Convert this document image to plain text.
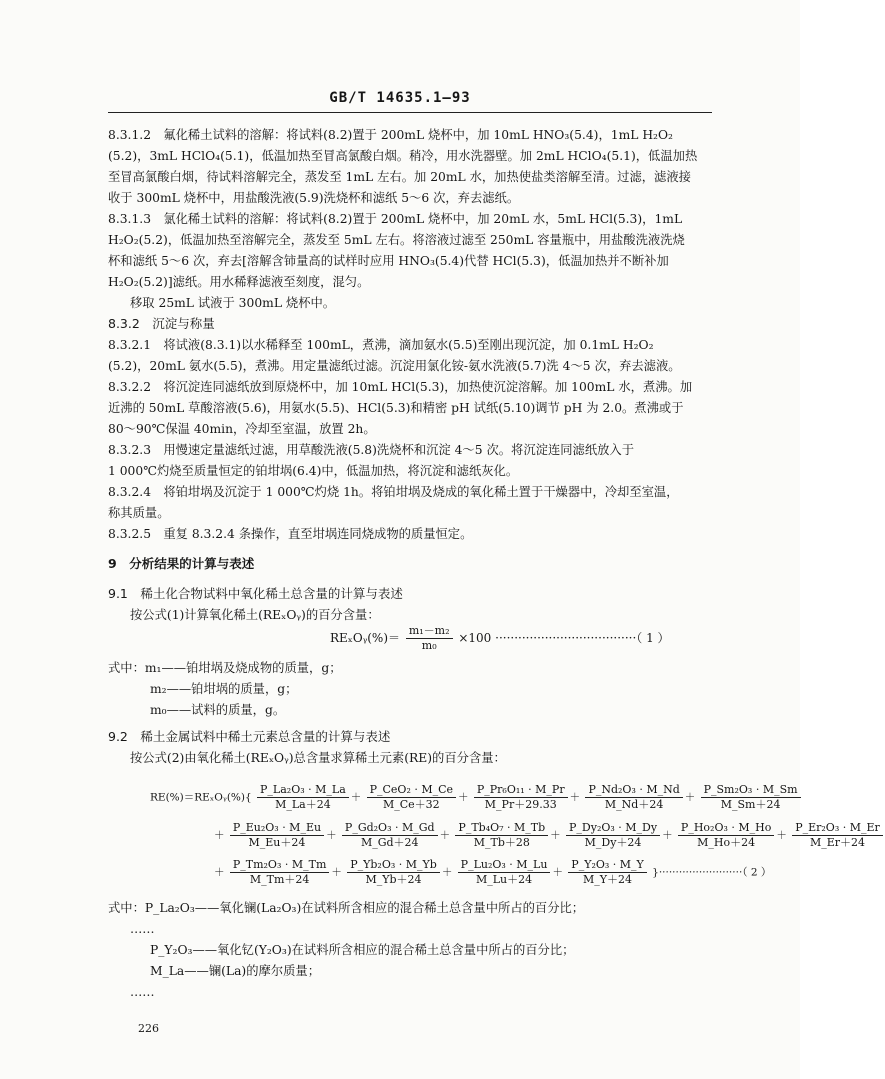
GB/T 14635.1—93
8.3.1.2　氟化稀土试料的溶解：将试料(8.2)置于 200mL 烧杯中，加 10mL HNO₃(5.4)，1mL H₂O₂
(5.2)，3mL HClO₄(5.1)，低温加热至冒高氯酸白烟。稍冷，用水洗器壁。加 2mL HClO₄(5.1)，低温加热
至冒高氯酸白烟，待试料溶解完全，蒸发至 1mL 左右。加 20mL 水，加热使盐类溶解至清。过滤，滤液接
收于 300mL 烧杯中，用盐酸洗液(5.9)洗烧杯和滤纸 5～6 次，弃去滤纸。
8.3.1.3　氯化稀土试料的溶解：将试料(8.2)置于 200mL 烧杯中，加 20mL 水，5mL HCl(5.3)，1mL
H₂O₂(5.2)，低温加热至溶解完全，蒸发至 5mL 左右。将溶液过滤至 250mL 容量瓶中，用盐酸洗液洗烧
杯和滤纸 5～6 次，弃去[溶解含铈量高的试样时应用 HNO₃(5.4)代替 HCl(5.3)，低温加热并不断补加
H₂O₂(5.2)]滤纸。用水稀释滤液至刻度，混匀。
移取 25mL 试液于 300mL 烧杯中。
8.3.2　沉淀与称量
8.3.2.1　将试液(8.3.1)以水稀释至 100mL，煮沸，滴加氨水(5.5)至刚出现沉淀，加 0.1mL H₂O₂
(5.2)，20mL 氨水(5.5)，煮沸。用定量滤纸过滤。沉淀用氯化铵-氨水洗液(5.7)洗 4～5 次，弃去滤液。
8.3.2.2　将沉淀连同滤纸放到原烧杯中，加 10mL HCl(5.3)，加热使沉淀溶解。加 100mL 水，煮沸。加
近沸的 50mL 草酸溶液(5.6)，用氨水(5.5)、HCl(5.3)和精密 pH 试纸(5.10)调节 pH 为 2.0。煮沸或于
80～90℃保温 40min，冷却至室温，放置 2h。
8.3.2.3　用慢速定量滤纸过滤，用草酸洗液(5.8)洗烧杯和沉淀 4～5 次。将沉淀连同滤纸放入于
1 000℃灼烧至质量恒定的铂坩埚(6.4)中，低温加热，将沉淀和滤纸灰化。
8.3.2.4　将铂坩埚及沉淀于 1 000℃灼烧 1h。将铂坩埚及烧成的氧化稀土置于干燥器中，冷却至室温，
称其质量。
8.3.2.5　重复 8.3.2.4 条操作，直至坩埚连同烧成物的质量恒定。
9　分析结果的计算与表述
9.1　稀土化合物试料中氧化稀土总含量的计算与表述
按公式(1)计算氧化稀土(REₓOᵧ)的百分含量：
REₓOᵧ(%)＝ $\frac{\text{m₁－m₂}}{\text{m₀}} \times 100$ ·····································（ 1 ）
式中：m₁——铂坩埚及烧成物的质量，g；
m₂——铂坩埚的质量，g；
m₀——试料的质量，g。
9.2　稀土金属试料中稀土元素总含量的计算与表述
按公式(2)由氧化稀土(REₓOᵧ)总含量求算稀土元素(RE)的百分含量：
RE(%)＝REₓOᵧ(%){ $\frac{\text{P\_La₂O₃ · M\_La}}{M\_La+24} + \frac{\text{P\_CeO₂ · M\_Ce}}{M\_Ce+32} + \frac{\text{P\_Pr₆O₁₁ · M\_Pr}}{M\_Pr+29.33} + \frac{\text{P\_Nd₂O₃ · M\_Nd}}{M\_Nd+24} + \frac{\text{P\_Sm₂O₃ · M\_Sm}}{M\_Sm+24}$
＋ $\frac{\text{P\_Eu₂O₃ · M\_Eu}}{M\_Eu+24} + \frac{\text{P\_Gd₂O₃ · M\_Gd}}{M\_Gd+24} + \frac{\text{P\_Tb₄O₇ · M\_Tb}}{M\_Tb+28} + \frac{\text{P\_Dy₂O₃ · M\_Dy}}{M\_Dy+24} + \frac{\text{P\_Ho₂O₃ · M\_Ho}}{M\_Ho+24} + \frac{\text{P\_Er₂O₃ · M\_Er}}{M\_Er+24}$
＋ $\frac{\text{P\_Tm₂O₃ · M\_Tm}}{M\_Tm+24} + \frac{\text{P\_Yb₂O₃ · M\_Yb}}{M\_Yb+24} + \frac{\text{P\_Lu₂O₃ · M\_Lu}}{M\_Lu+24} + \frac{\text{P\_Y₂O₃ · M\_Y}}{M\_Y+24}$ }·························（ 2 ）
式中：P_La₂O₃——氧化镧(La₂O₃)在试料所含相应的混合稀土总含量中所占的百分比；
……
P_Y₂O₃——氧化钇(Y₂O₃)在试料所含相应的混合稀土总含量中所占的百分比；
M_La——镧(La)的摩尔质量；
……
226
